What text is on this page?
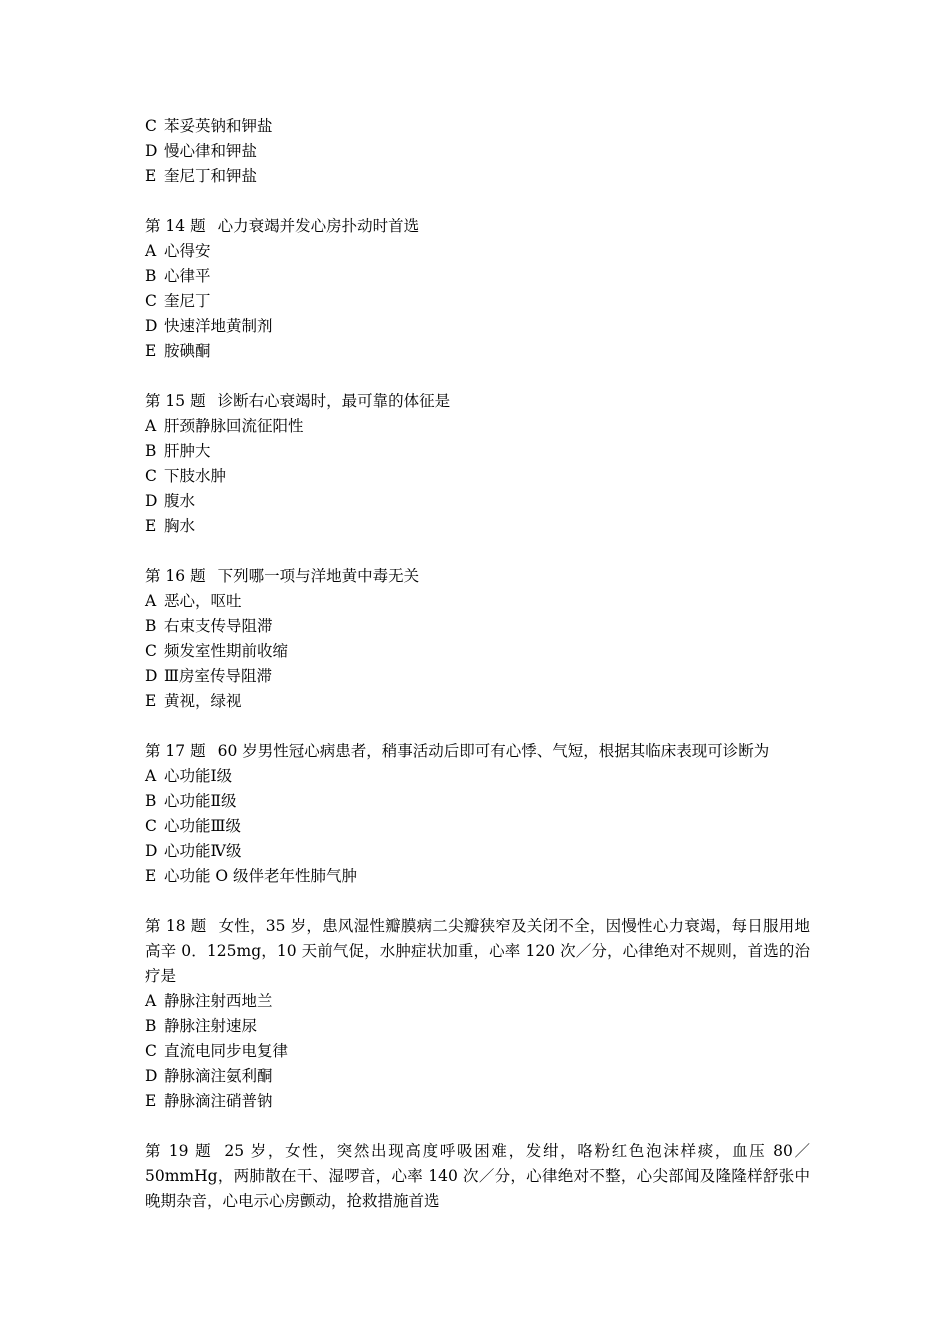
C 苯妥英钠和钾盐
D 慢心律和钾盐
E 奎尼丁和钾盐
第 14 题 心力衰竭并发心房扑动时首选
A 心得安
B 心律平
C 奎尼丁
D 快速洋地黄制剂
E 胺碘酮
第 15 题 诊断右心衰竭时，最可靠的体征是
A 肝颈静脉回流征阳性
B 肝肿大
C 下肢水肿
D 腹水
E 胸水
第 16 题 下列哪一项与洋地黄中毒无关
A 恶心，呕吐
B 右束支传导阻滞
C 频发室性期前收缩
D Ⅲ房室传导阻滞
E 黄视，绿视
第 17 题 60 岁男性冠心病患者，稍事活动后即可有心悸、气短，根据其临床表现可诊断为
A 心功能Ⅰ级
B 心功能Ⅱ级
C 心功能Ⅲ级
D 心功能Ⅳ级
E 心功能 O 级伴老年性肺气肿
第 18 题 女性，35 岁，患风湿性瓣膜病二尖瓣狭窄及关闭不全，因慢性心力衰竭，每日服用地高辛 0．125mg，10 天前气促，水肿症状加重，心率 120 次／分，心律绝对不规则，首选的治疗是
A 静脉注射西地兰
B 静脉注射速尿
C 直流电同步电复律
D 静脉滴注氨利酮
E 静脉滴注硝普钠
第 19 题 25 岁，女性，突然出现高度呼吸困难，发绀，咯粉红色泡沫样痰，血压 80／50mmHg，两肺散在干、湿啰音，心率 140 次／分，心律绝对不整，心尖部闻及隆隆样舒张中晚期杂音，心电示心房颤动，抢救措施首选
